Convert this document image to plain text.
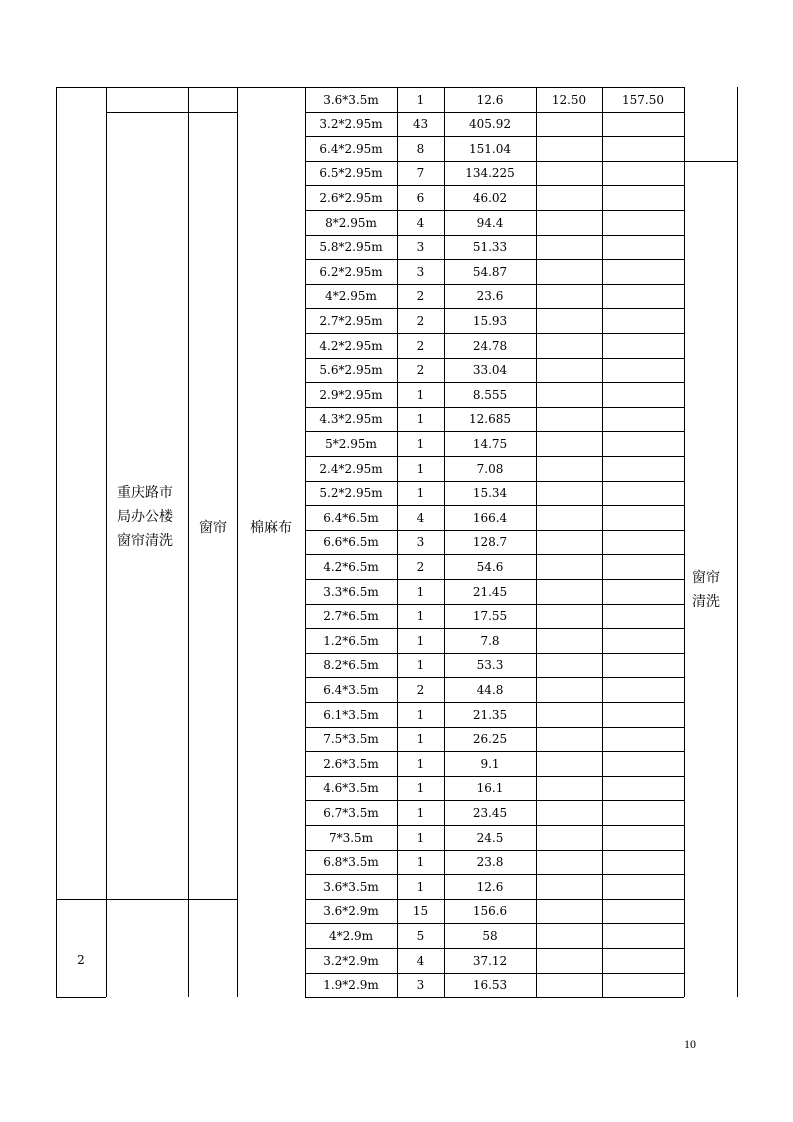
3.6*3.5m	1	12.6	12.50	157.50
3.2*2.95m	43	405.92
6.4*2.95m	8	151.04
6.5*2.95m	7	134.225
2.6*2.95m	6	46.02
8*2.95m	4	94.4
5.8*2.95m	3	51.33
6.2*2.95m	3	54.87
4*2.95m	2	23.6
2.7*2.95m	2	15.93
4.2*2.95m	2	24.78
5.6*2.95m	2	33.04
2.9*2.95m	1	8.555
4.3*2.95m	1	12.685
5*2.95m	1	14.75
2.4*2.95m	1	7.08
5.2*2.95m	1	15.34
6.4*6.5m	4	166.4
6.6*6.5m	3	128.7
4.2*6.5m	2	54.6
3.3*6.5m	1	21.45
2.7*6.5m	1	17.55
1.2*6.5m	1	7.8
8.2*6.5m	1	53.3
6.4*3.5m	2	44.8
6.1*3.5m	1	21.35
7.5*3.5m	1	26.25
2.6*3.5m	1	9.1
4.6*3.5m	1	16.1
6.7*3.5m	1	23.45
7*3.5m	1	24.5
6.8*3.5m	1	23.8
3.6*3.5m	1	12.6
3.6*2.9m	15	156.6
4*2.9m	5	58
3.2*2.9m	4	37.12
1.9*2.9m	3	16.53
重庆路市
局办公楼
窗帘清洗
窗帘 棉麻布
窗帘
清洗
2
10
